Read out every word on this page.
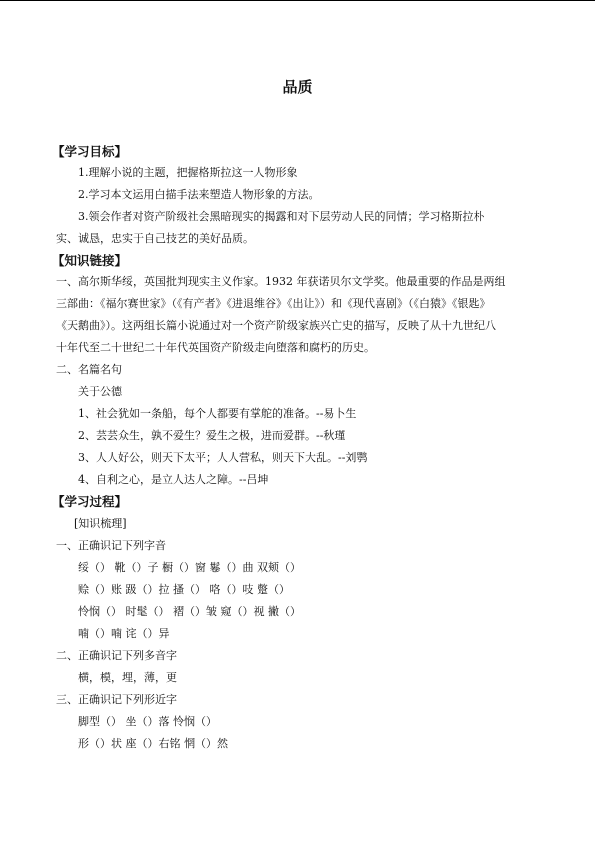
品质
【学习目标】
1.理解小说的主题，把握格斯拉这一人物形象
2.学习本文运用白描手法来塑造人物形象的方法。
3.领会作者对资产阶级社会黑暗现实的揭露和对下层劳动人民的同情；学习格斯拉朴
实、诚恳，忠实于自己技艺的美好品质。
【知识链接】
一、高尔斯华绥，英国批判现实主义作家。1932 年获诺贝尔文学奖。他最重要的作品是两组
三部曲：《福尔赛世家》（《有产者》《进退维谷》《出让》）和《现代喜剧》（《白猿》《银匙》
《天鹅曲》）。这两组长篇小说通过对一个资产阶级家族兴亡史的描写，反映了从十九世纪八
十年代至二十世纪二十年代英国资产阶级走向堕落和腐朽的历史。
二、名篇名句
关于公德
1、社会犹如一条船，每个人都要有掌舵的准备。--易卜生
2、芸芸众生，孰不爱生？爱生之极，进而爱群。--秋瑾
3、人人好公，则天下太平；人人营私，则天下大乱。--刘鹗
4、自利之心，是立人达人之障。--吕坤
【学习过程】
[知识梳理]
一、正确识记下列字音
绥（） 靴（）子 橱（）窗 鬈（）曲 双颊（）
赊（）账 趿（）拉 搔（） 咯（）吱 蹩（）
怜悯（） 时髦（） 褶（）皱 窥（）视 撇（）
喃（）喃 诧（）异
二、正确识记下列多音字
横，模，埋，薄，更
三、正确识记下列形近字
脚型（） 坐（）落 怜悯（）
形（）状 座（）右铭 惘（）然
